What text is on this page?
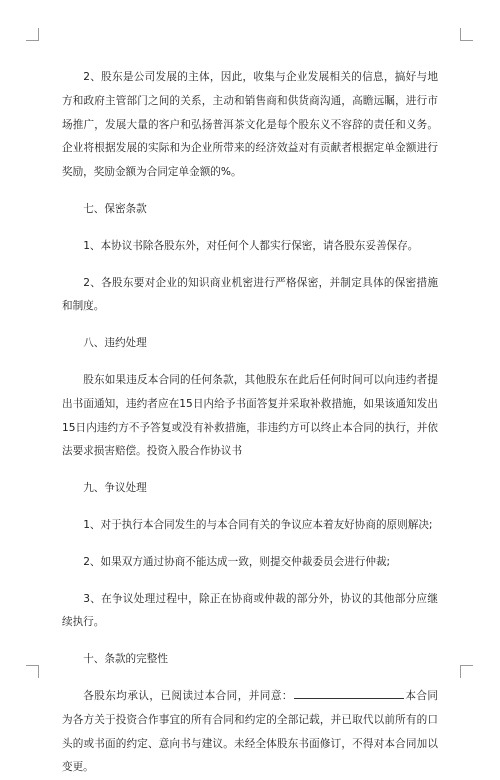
2、股东是公司发展的主体，因此，收集与企业发展相关的信息，搞好与地方和政府主管部门之间的关系，主动和销售商和供货商沟通，高瞻远瞩，进行市场推广，发展大量的客户和弘扬普洱茶文化是每个股东义不容辞的责任和义务。企业将根据发展的实际和为企业所带来的经济效益对有贡献者根据定单金额进行奖励，奖励金额为合同定单金额的%。

七、保密条款

1、本协议书除各股东外，对任何个人都实行保密，请各股东妥善保存。

2、各股东要对企业的知识商业机密进行严格保密，并制定具体的保密措施和制度。

八、违约处理

股东如果违反本合同的任何条款，其他股东在此后任何时间可以向违约者提出书面通知，违约者应在15日内给予书面答复并采取补救措施，如果该通知发出15日内违约方不予答复或没有补救措施，非违约方可以终止本合同的执行，并依法要求损害赔偿。投资入股合作协议书

九、争议处理

1、对于执行本合同发生的与本合同有关的争议应本着友好协商的原则解决;

2、如果双方通过协商不能达成一致，则提交仲裁委员会进行仲裁;

3、在争议处理过程中，除正在协商或仲裁的部分外，协议的其他部分应继续执行。

十、条款的完整性

各股东均承认，已阅读过本合同，并同意：	本合同为各方关于投资合作事宜的所有合同和约定的全部记载，并已取代以前所有的口头的或书面的约定、意向书与建议。未经全体股东书面修订，不得对本合同加以变更。
